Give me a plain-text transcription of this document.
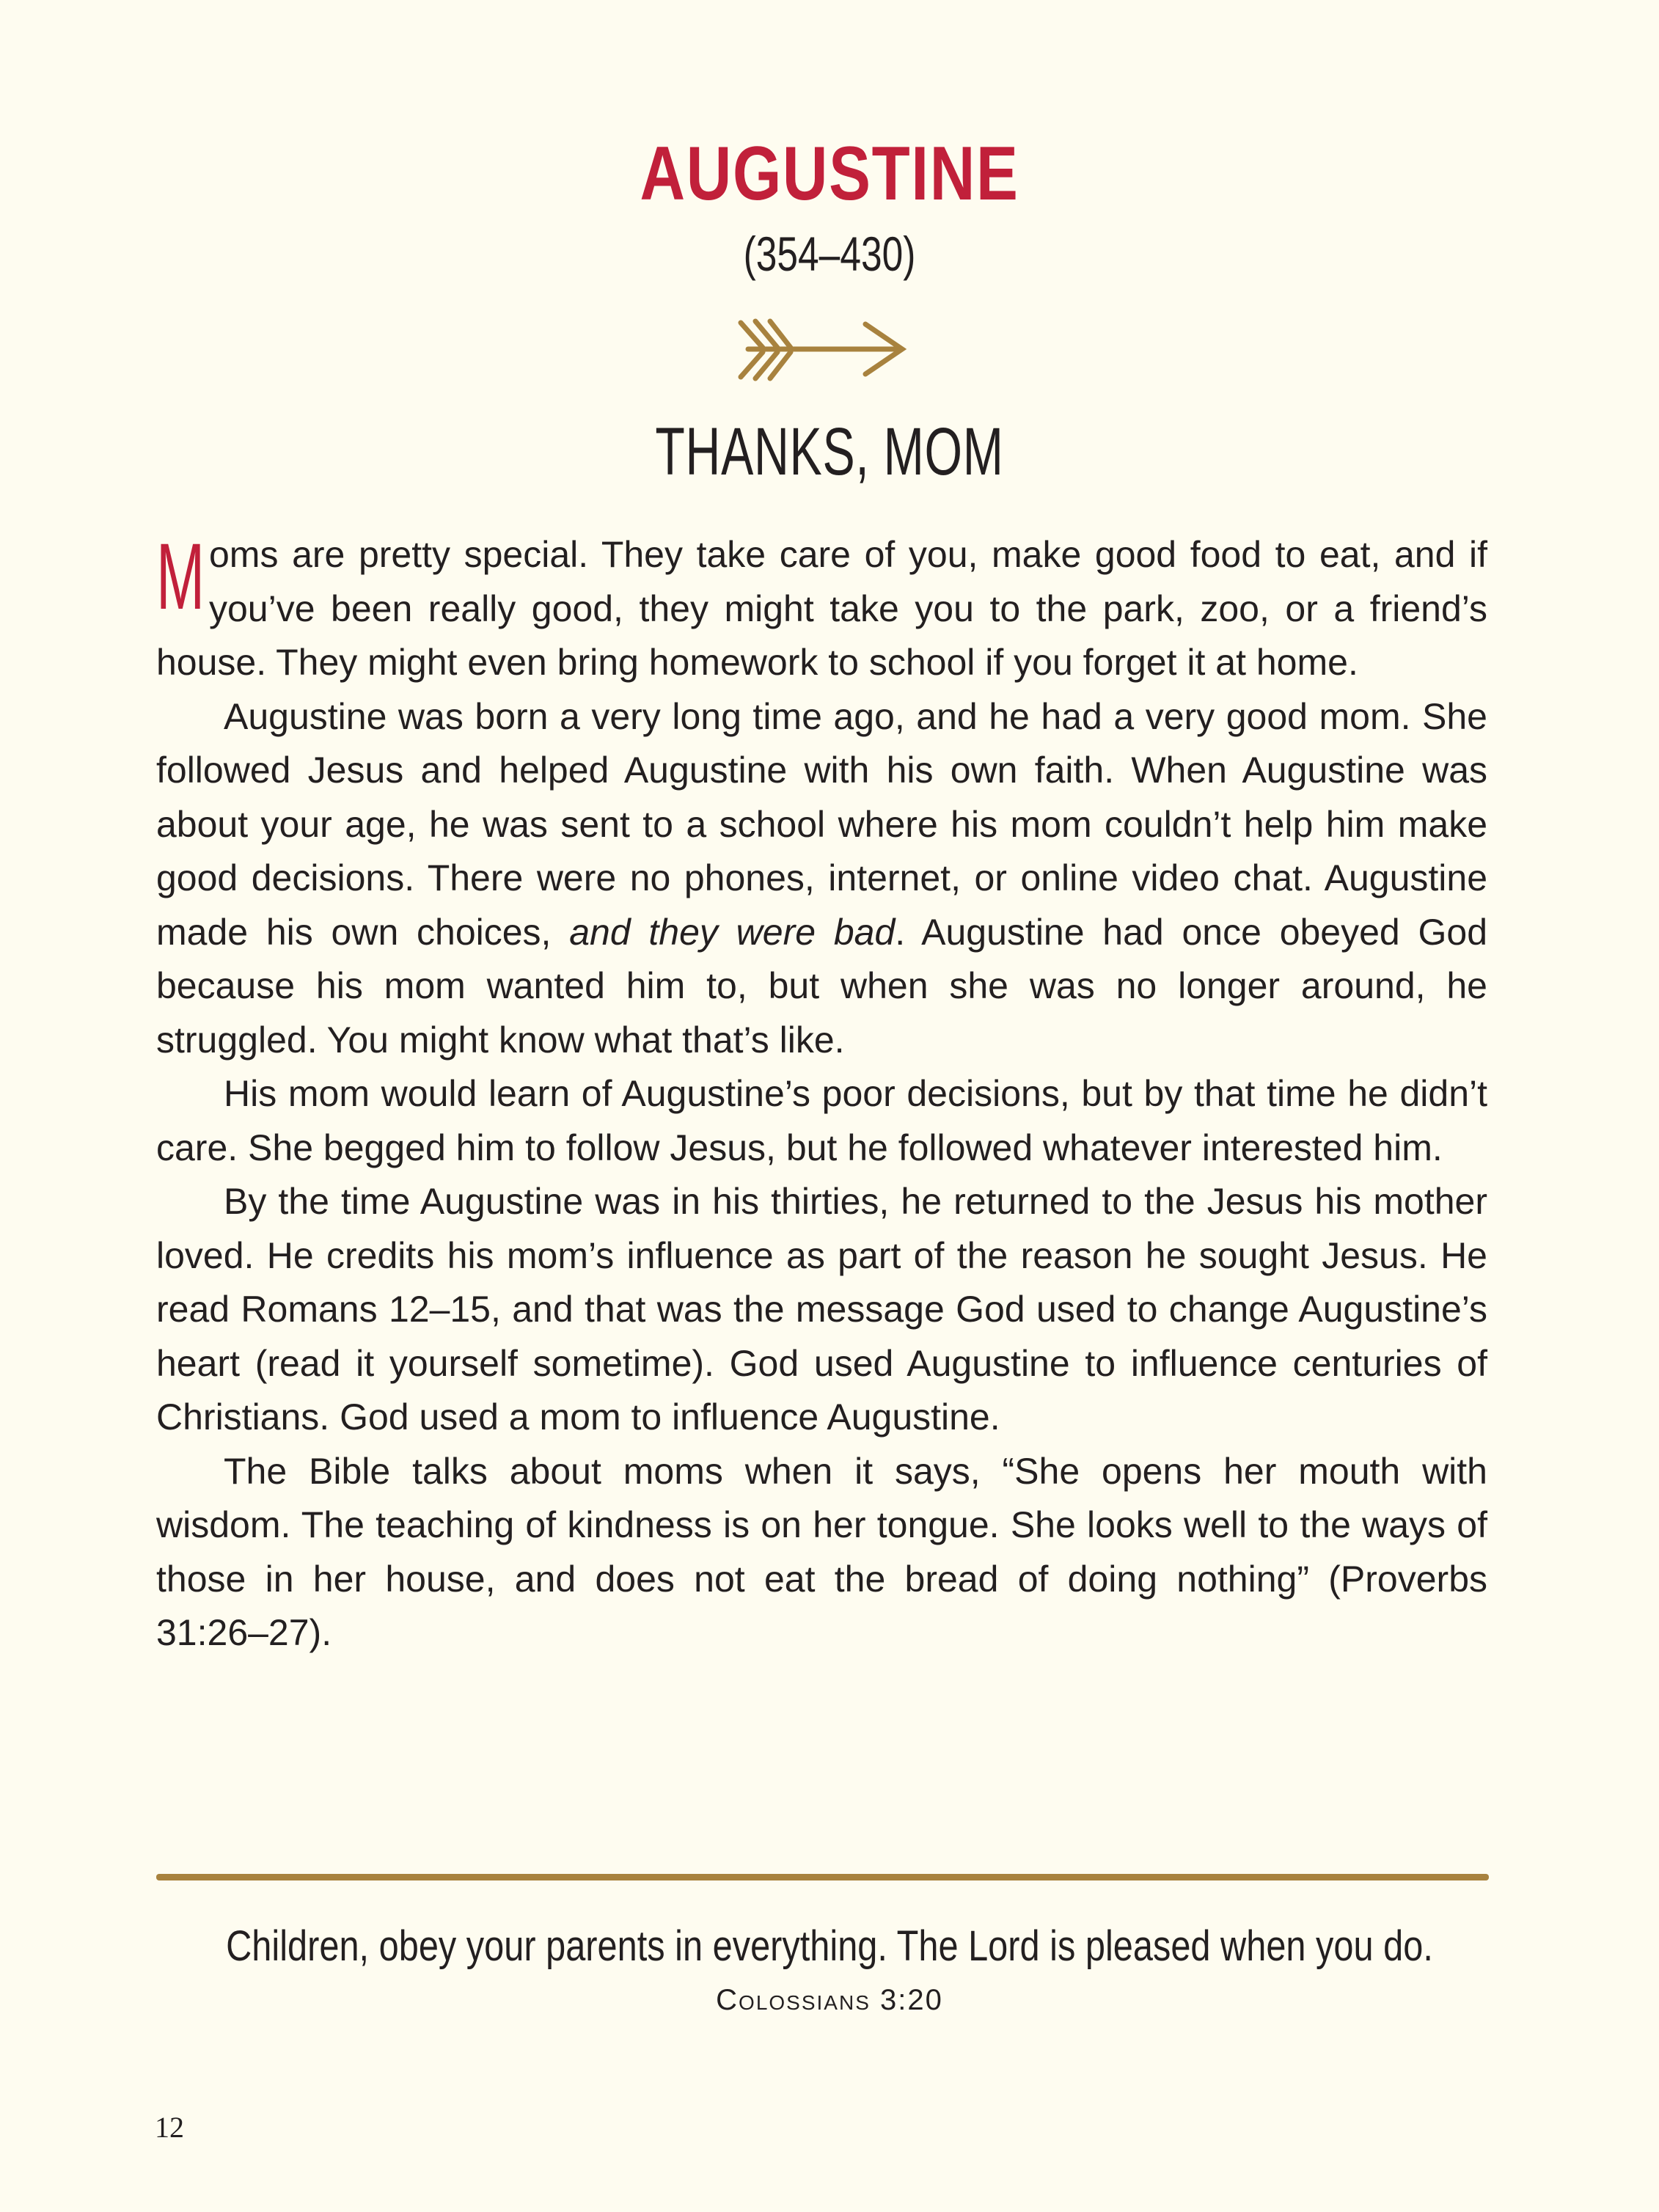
AUGUSTINE
(354–430)
THANKS, MOM

Moms are pretty special. They take care of you, make good food to eat, and if you’ve been really good, they might take you to the park, zoo, or a friend’s house. They might even bring homework to school if you forget it at home.

Augustine was born a very long time ago, and he had a very good mom. She followed Jesus and helped Augustine with his own faith. When Augustine was about your age, he was sent to a school where his mom couldn’t help him make good decisions. There were no phones, internet, or online video chat. Augustine made his own choices, and they were bad. Augustine had once obeyed God because his mom wanted him to, but when she was no longer around, he struggled. You might know what that’s like.

His mom would learn of Augustine’s poor decisions, but by that time he didn’t care. She begged him to follow Jesus, but he followed whatever interested him.

By the time Augustine was in his thirties, he returned to the Jesus his mother loved. He credits his mom’s influence as part of the reason he sought Jesus. He read Romans 12–15, and that was the message God used to change Augustine’s heart (read it yourself sometime). God used Augustine to influence centuries of Christians. God used a mom to influence Augustine.

The Bible talks about moms when it says, “She opens her mouth with wisdom. The teaching of kindness is on her tongue. She looks well to the ways of those in her house, and does not eat the bread of doing nothing” (Proverbs 31:26–27).

Children, obey your parents in everything. The Lord is pleased when you do.
Colossians 3:20
12
